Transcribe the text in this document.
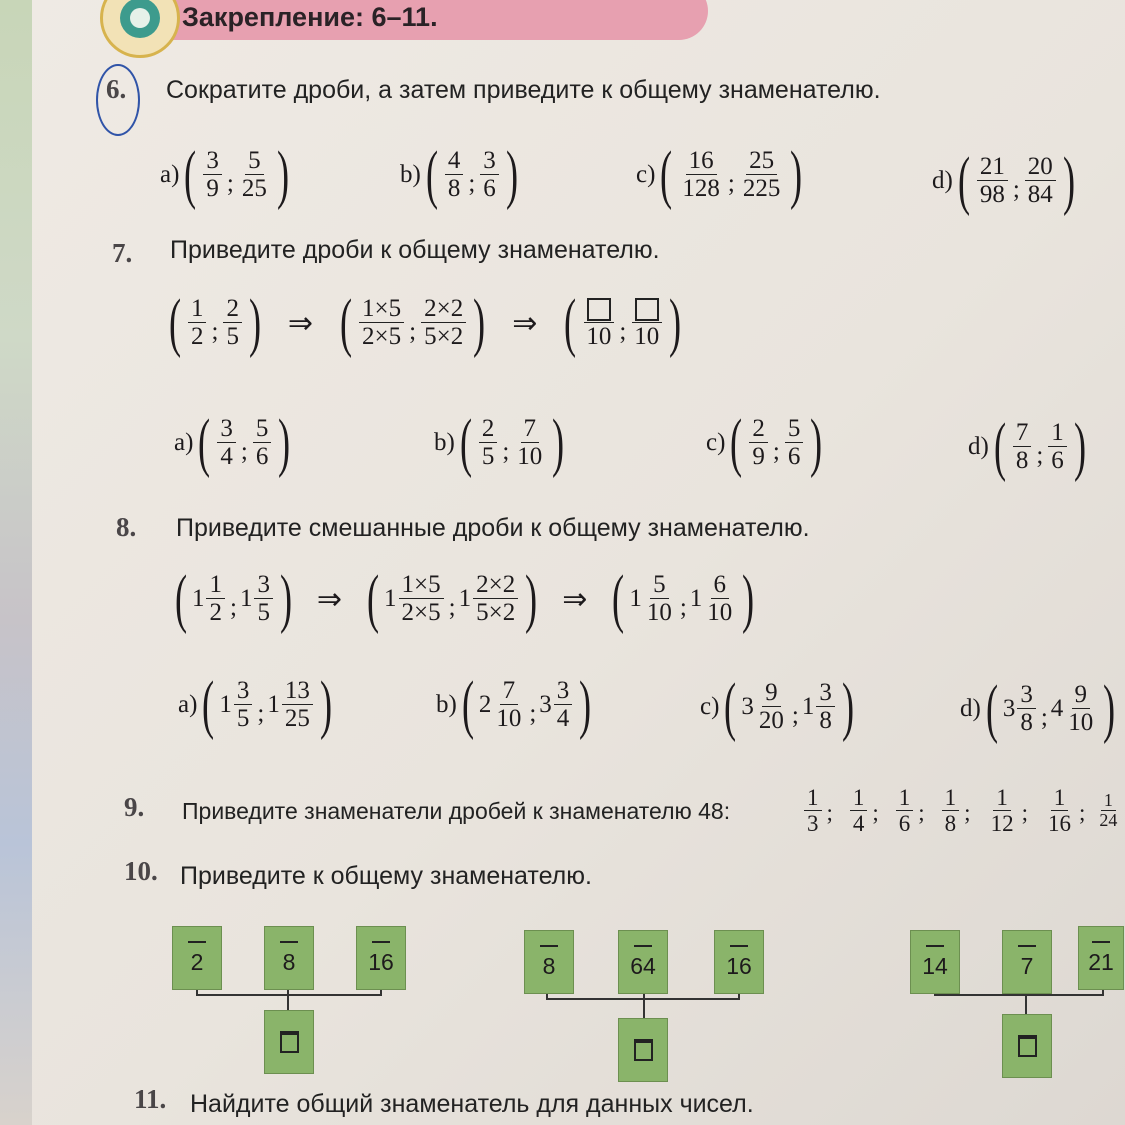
Закрепление: 6–11.
6. Сократите дроби, а затем приведите к общему знаменателю.
a) ( 3
9 ;
5
25 )	b) ( 4
8 ;
3
6 )	c) ( 16
128 ;
25
225 )	d) ( 21
98 ;
20
84 )
7. Приведите дроби к общему знаменателю.
( 1
2 ;
2
5 ) ⇒ ( 1×5
2×5 ;
2×2
5×2 ) ⇒ ( 10 ; 10 )
a) ( 3
4 ;
5
6 )	b) ( 2
5 ;
7
10 )	c) ( 2
9 ;
5
6 )	d) ( 7
8 ;
1
6 )
8. Приведите смешанные дроби к общему знаменателю.
( 1
1
2 ; 1
3
5 ) ⇒ ( 1
1×5
2×5 ; 1
2×2
5×2 ) ⇒ ( 1
5
10 ; 1
6
10 )
a) ( 1
3
5 ; 1
13
25 )	b) ( 2
7
10 ; 3
3
4 )	c) ( 3
9
20 ; 1
3
8 )	d) ( 3
3
8 ; 4
9
10 )
9. Приведите знаменатели дробей к знаменателю 48:
1
3 ;
1
4 ;
1
6 ;
1
8 ;
1
12 ;
1
16 ;
1
24
10. Приведите к общему знаменателю.
2	8	16	8	64	16	14	7 21
11. Найдите общий знаменатель для данных чисел.
